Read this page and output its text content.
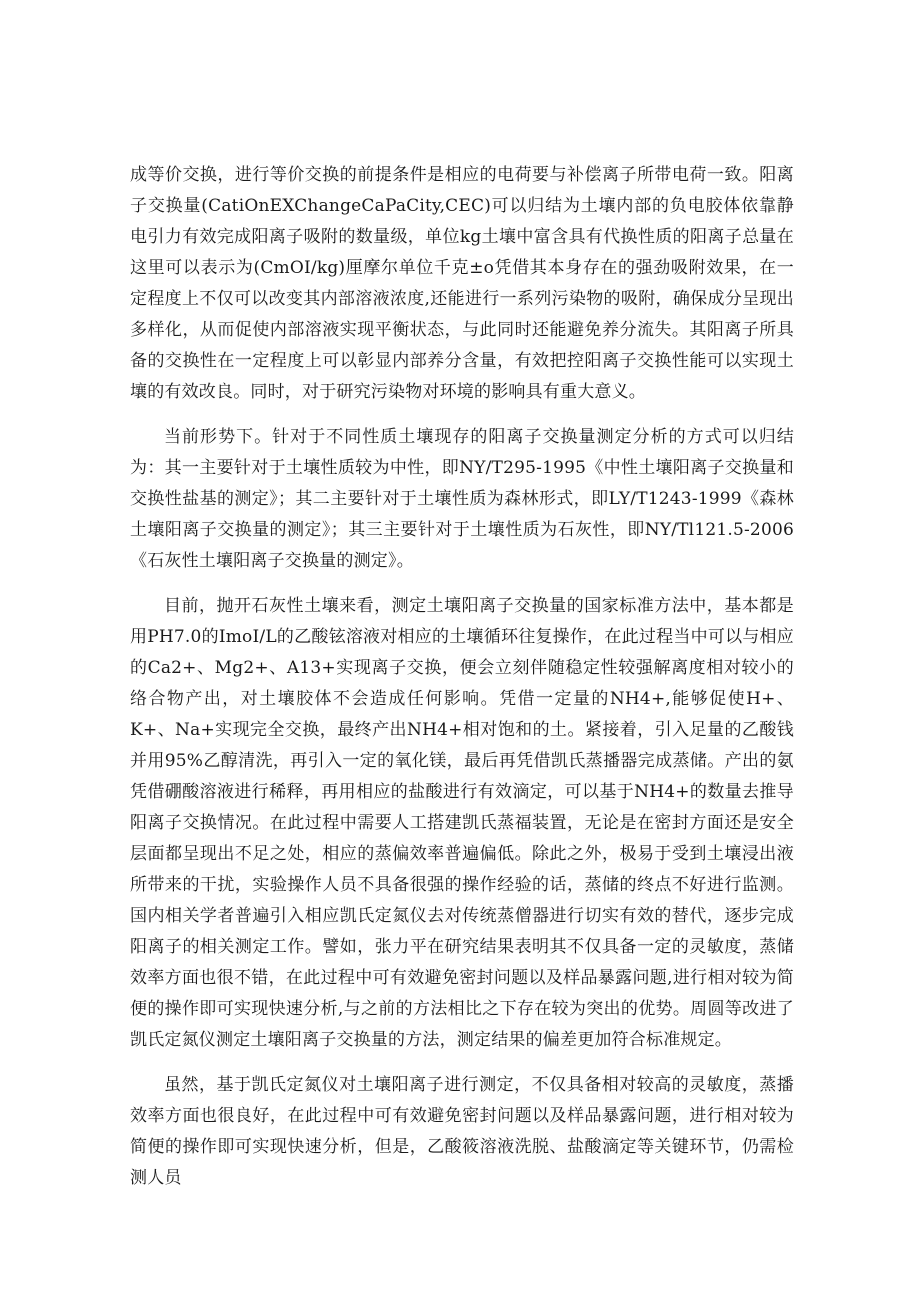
成等价交换，进行等价交换的前提条件是相应的电荷要与补偿离子所带电荷一致。阳离子交换量(CatiOnEXChangeCaPaCity,CEC)可以归结为土壤内部的负电胶体依靠静电引力有效完成阳离子吸附的数量级，单位kg土壤中富含具有代换性质的阳离子总量在这里可以表示为(CmOI/kg)厘摩尔单位千克±o凭借其本身存在的强劲吸附效果，在一定程度上不仅可以改变其内部溶液浓度,还能进行一系列污染物的吸附，确保成分呈现出多样化，从而促使内部溶液实现平衡状态，与此同时还能避免养分流失。其阳离子所具备的交换性在一定程度上可以彰显内部养分含量，有效把控阳离子交换性能可以实现土壤的有效改良。同时，对于研究污染物对环境的影响具有重大意义。

当前形势下。针对于不同性质土壤现存的阳离子交换量测定分析的方式可以归结为：其一主要针对于土壤性质较为中性，即NY/T295-1995《中性土壤阳离子交换量和交换性盐基的测定》；其二主要针对于土壤性质为森林形式，即LY/T1243-1999《森林土壤阳离子交换量的测定》；其三主要针对于土壤性质为石灰性，即NY/Tl121.5-2006《石灰性土壤阳离子交换量的测定》。

目前，抛开石灰性土壤来看，测定土壤阳离子交换量的国家标准方法中，基本都是用PH7.0的ImoI/L的乙酸铉溶液对相应的土壤循环往复操作，在此过程当中可以与相应的Ca2+、Mg2+、A13+实现离子交换，便会立刻伴随稳定性较强解离度相对较小的络合物产出，对土壤胶体不会造成任何影响。凭借一定量的NH4+,能够促使H+、K+、Na+实现完全交换，最终产出NH4+相对饱和的土。紧接着，引入足量的乙酸钱并用95%乙醇清洗，再引入一定的氧化镁，最后再凭借凯氏蒸播器完成蒸储。产出的氨凭借硼酸溶液进行稀释，再用相应的盐酸进行有效滴定，可以基于NH4+的数量去推导阳离子交换情况。在此过程中需要人工搭建凯氏蒸福装置，无论是在密封方面还是安全层面都呈现出不足之处，相应的蒸偏效率普遍偏低。除此之外，极易于受到土壤浸出液所带来的干扰，实验操作人员不具备很强的操作经验的话，蒸储的终点不好进行监测。国内相关学者普遍引入相应凯氏定氮仪去对传统蒸僧器进行切实有效的替代，逐步完成阳离子的相关测定工作。譬如，张力平在研究结果表明其不仅具备一定的灵敏度，蒸储效率方面也很不错，在此过程中可有效避免密封问题以及样品暴露问题,进行相对较为简便的操作即可实现快速分析,与之前的方法相比之下存在较为突出的优势。周圆等改进了凯氏定氮仪测定土壤阳离子交换量的方法，测定结果的偏差更加符合标准规定。

虽然，基于凯氏定氮仪对土壤阳离子进行测定，不仅具备相对较高的灵敏度，蒸播效率方面也很良好，在此过程中可有效避免密封问题以及样品暴露问题，进行相对较为简便的操作即可实现快速分析，但是，乙酸筱溶液洗脱、盐酸滴定等关键环节，仍需检测人员
